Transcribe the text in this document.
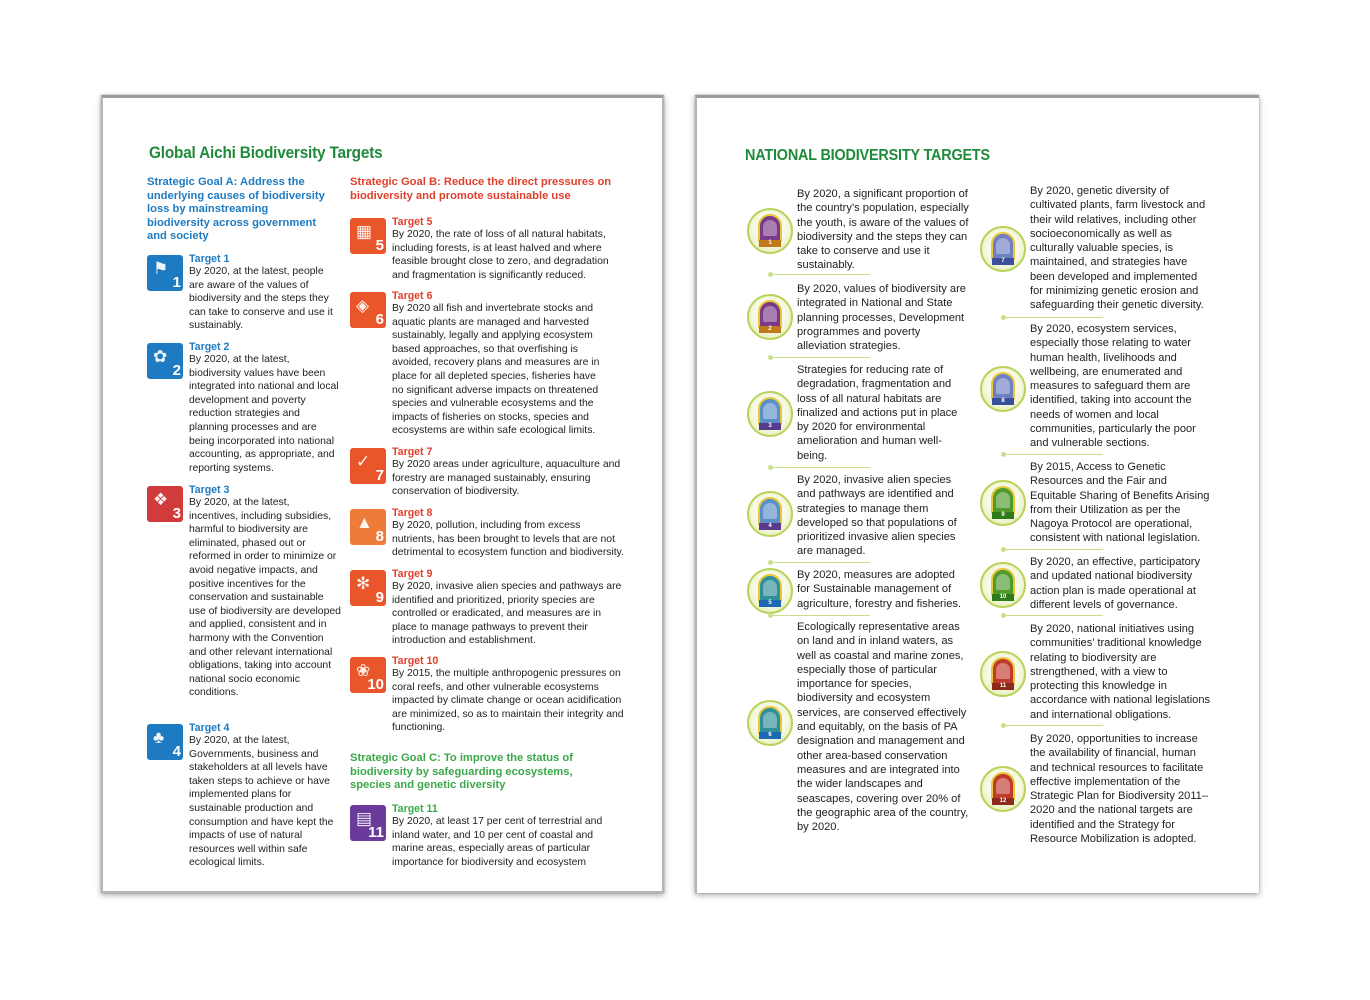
Global Aichi Biodiversity Targets
Strategic Goal A: Address the underlying causes of biodiversity loss by mainstreaming biodiversity across government and society
Strategic Goal B: Reduce the direct pressures on biodiversity and promote sustainable use
⚑
1
Target 1
By 2020, at the latest, people are aware of the values of biodiversity and the steps they can take to conserve and use it sustainably.
✿
2
Target 2
By 2020, at the latest, biodiversity values have been integrated into national and local development and poverty reduction strategies and planning processes and are being incorporated into national accounting, as appropriate, and reporting systems.
❖
3
Target 3
By 2020, at the latest, incentives, including subsidies, harmful to biodiversity are eliminated, phased out or reformed in order to minimize or avoid negative impacts, and positive incentives for the conservation and sustainable use of biodiversity are developed and applied, consistent and in harmony with the Convention and other relevant international obligations, taking into account national socio economic conditions.
♣
4
Target 4
By 2020, at the latest, Governments, business and stakeholders at all levels have taken steps to achieve or have implemented plans for sustainable production and consumption and have kept the impacts of use of natural resources well within safe ecological limits.
▦
5
Target 5
By 2020, the rate of loss of all natural habitats, including forests, is at least halved and where feasible brought close to zero, and degradation and fragmentation is significantly reduced.
◈
6
Target 6
By 2020 all fish and invertebrate stocks and aquatic plants are managed and harvested sustainably, legally and applying ecosystem based approaches, so that overfishing is avoided, recovery plans and measures are in place for all depleted species, fisheries have no significant adverse impacts on threatened species and vulnerable ecosystems and the impacts of fisheries on stocks, species and ecosystems are within safe ecological limits.
✓
7
Target 7
By 2020 areas under agriculture, aquaculture and forestry are managed sustainably, ensuring conservation of biodiversity.
▲
8
Target 8
By 2020, pollution, including from excess nutrients, has been brought to levels that are not detrimental to ecosystem function and biodiversity.
✻
9
Target 9
By 2020, invasive alien species and pathways are identified and prioritized, priority species are controlled or eradicated, and measures are in place to manage pathways to prevent their introduction and establishment.
❀
10
Target 10
By 2015, the multiple anthropogenic pressures on coral reefs, and other vulnerable ecosystems impacted by climate change or ocean acidification are minimized, so as to maintain their integrity and functioning.
Strategic Goal C: To improve the status of biodiversity by safeguarding ecosystems, species and genetic diversity
▤
11
Target 11
By 2020, at least 17 per cent of terrestrial and inland water, and 10 per cent of coastal and marine areas, especially areas of particular importance for biodiversity and ecosystem
NATIONAL BIODIVERSITY TARGETS
1
By 2020, a significant proportion of the country’s population, especially the youth, is aware of the values of biodiversity and the steps they can take to conserve and use it sustainably.
2
By 2020, values of biodiversity are integrated in National and State planning processes, Development programmes and poverty alleviation strategies.
3
Strategies for reducing rate of degradation, fragmentation and loss of all natural habitats are finalized and actions put in place by 2020 for environmental amelioration and human well-being.
4
By 2020, invasive alien species and pathways are identified and strategies to manage them developed so that populations of prioritized invasive alien species are managed.
5
By 2020, measures are adopted for Sustainable management of agriculture, forestry and fisheries.
6
Ecologically representative areas on land and in inland waters, as well as coastal and marine zones, especially those of particular importance for species, biodiversity and ecosystem services, are conserved effectively and equitably, on the basis of PA designation and management and other area-based conservation measures and are integrated into the wider landscapes and seascapes, covering over 20% of the geographic area of the country, by 2020.
7
By 2020, genetic diversity of cultivated plants, farm livestock and their wild relatives, including other socioeconomically as well as culturally valuable species, is maintained, and strategies have been developed and implemented for minimizing genetic erosion and safeguarding their genetic diversity.
8
By 2020, ecosystem services, especially those relating to water human health, livelihoods and wellbeing, are enumerated and measures to safeguard them are identified, taking into account the needs of women and local communities, particularly the poor and vulnerable sections.
9
By 2015, Access to Genetic Resources and the Fair and Equitable Sharing of Benefits Arising from their Utilization as per the Nagoya Protocol are operational, consistent with national legislation.
10
By 2020, an effective, participatory and updated national biodiversity action plan is made operational at different levels of governance.
11
By 2020, national initiatives using communities’ traditional knowledge relating to biodiversity are strengthened, with a view to protecting this knowledge in accordance with national legislations and international obligations.
12
By 2020, opportunities to increase the availability of financial, human and technical resources to facilitate effective implementation of the Strategic Plan for Biodiversity 2011–2020 and the national targets are identified and the Strategy for Resource Mobilization is adopted.
